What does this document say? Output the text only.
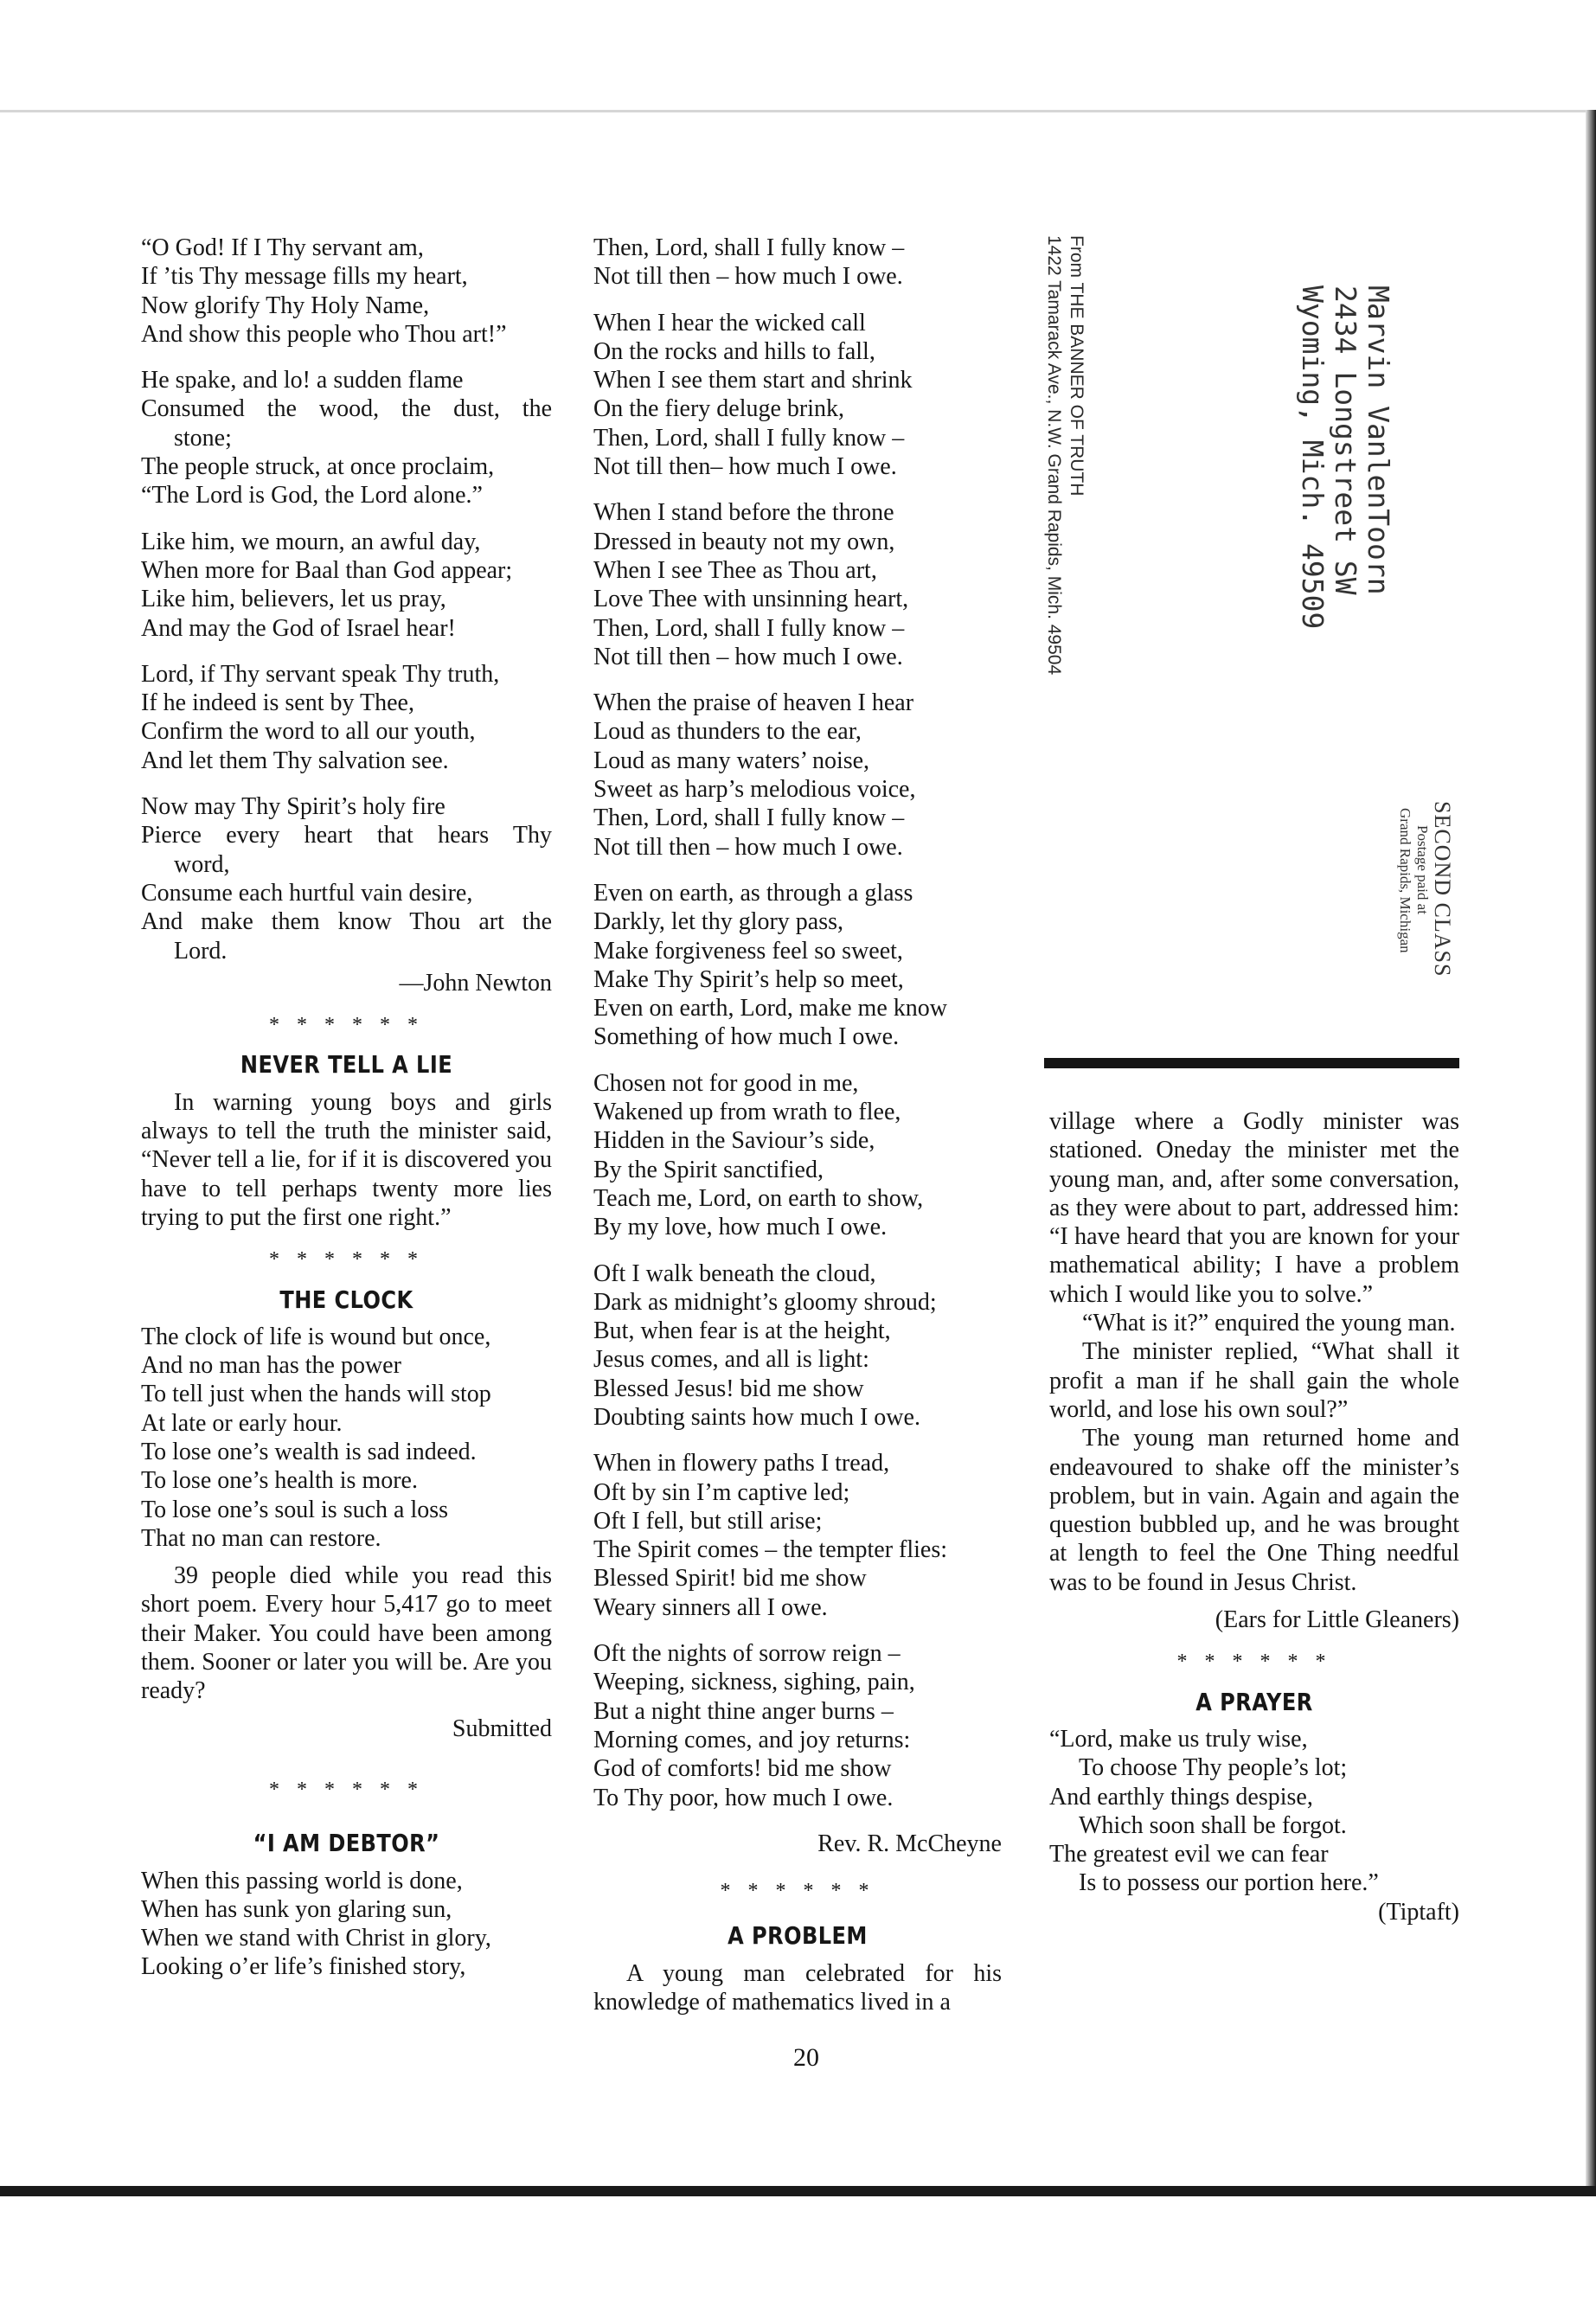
“O God! If I Thy servant am,

If ’tis Thy message fills my heart,

Now glorify Thy Holy Name,

And show this people who Thou art!”

He spake, and lo! a sudden flame

Consumed the wood, the dust, the

stone;

The people struck, at once proclaim,

“The Lord is God, the Lord alone.”

Like him, we mourn, an awful day,

When more for Baal than God appear;

Like him, believers, let us pray,

And may the God of Israel hear!

Lord, if Thy servant speak Thy truth,

If he indeed is sent by Thee,

Confirm the word to all our youth,

And let them Thy salvation see.

Now may Thy Spirit’s holy fire

Pierce every heart that hears Thy

word,

Consume each hurtful vain desire,

And make them know Thou art the

Lord.

—John Newton

* * * * * *

NEVER TELL A LIE

In warning young boys and girls always to tell the truth the minister said, “Never tell a lie, for if it is discovered you have to tell perhaps twenty more lies trying to put the first one right.”

* * * * * *

THE CLOCK

The clock of life is wound but once,

And no man has the power

To tell just when the hands will stop

At late or early hour.

To lose one’s wealth is sad indeed.

To lose one’s health is more.

To lose one’s soul is such a loss

That no man can restore.

39 people died while you read this short poem. Every hour 5,417 go to meet their Maker. You could have been among them. Sooner or later you will be. Are you ready?

Submitted

* * * * * *

“I AM DEBTOR”

When this passing world is done,

When has sunk yon glaring sun,

When we stand with Christ in glory,

Looking o’er life’s finished story,

Then, Lord, shall I fully know –

Not till then – how much I owe.

When I hear the wicked call

On the rocks and hills to fall,

When I see them start and shrink

On the fiery deluge brink,

Then, Lord, shall I fully know –

Not till then– how much I owe.

When I stand before the throne

Dressed in beauty not my own,

When I see Thee as Thou art,

Love Thee with unsinning heart,

Then, Lord, shall I fully know –

Not till then – how much I owe.

When the praise of heaven I hear

Loud as thunders to the ear,

Loud as many waters’ noise,

Sweet as harp’s melodious voice,

Then, Lord, shall I fully know –

Not till then – how much I owe.

Even on earth, as through a glass

Darkly, let thy glory pass,

Make forgiveness feel so sweet,

Make Thy Spirit’s help so meet,

Even on earth, Lord, make me know

Something of how much I owe.

Chosen not for good in me,

Wakened up from wrath to flee,

Hidden in the Saviour’s side,

By the Spirit sanctified,

Teach me, Lord, on earth to show,

By my love, how much I owe.

Oft I walk beneath the cloud,

Dark as midnight’s gloomy shroud;

But, when fear is at the height,

Jesus comes, and all is light:

Blessed Jesus! bid me show

Doubting saints how much I owe.

When in flowery paths I tread,

Oft by sin I’m captive led;

Oft I fell, but still arise;

The Spirit comes – the tempter flies:

Blessed Spirit! bid me show

Weary sinners all I owe.

Oft the nights of sorrow reign –

Weeping, sickness, sighing, pain,

But a night thine anger burns –

Morning comes, and joy returns:

God of comforts! bid me show

To Thy poor, how much I owe.

Rev. R. McCheyne

* * * * * *

A PROBLEM

A young man celebrated for his knowledge of mathematics lived in a

From THE BANNER OF TRUTH
1422 Tamarack Ave., N.W. Grand Rapids, Mich. 49504	Marvin VanlenToorn
2434 Longstreet SW
Wyoming, Mich. 49509
SECOND CLASS
Postage paid at
Grand Rapids, Michigan

village where a Godly minister was stationed. Oneday the minister met the young man, and, after some conversation, as they were about to part, addressed him: “I have heard that you are known for your mathematical ability; I have a problem which I would like you to solve.”

“What is it?” enquired the young man.

The minister replied, “What shall it profit a man if he shall gain the whole world, and lose his own soul?”

The young man returned home and endeavoured to shake off the minister’s problem, but in vain. Again and again the question bubbled up, and he was brought at length to feel the One Thing needful was to be found in Jesus Christ.

(Ears for Little Gleaners)

* * * * * *

A PRAYER

“Lord, make us truly wise,

To choose Thy people’s lot;

And earthly things despise,

Which soon shall be forgot.

The greatest evil we can fear

Is to possess our portion here.”

(Tiptaft)

20
